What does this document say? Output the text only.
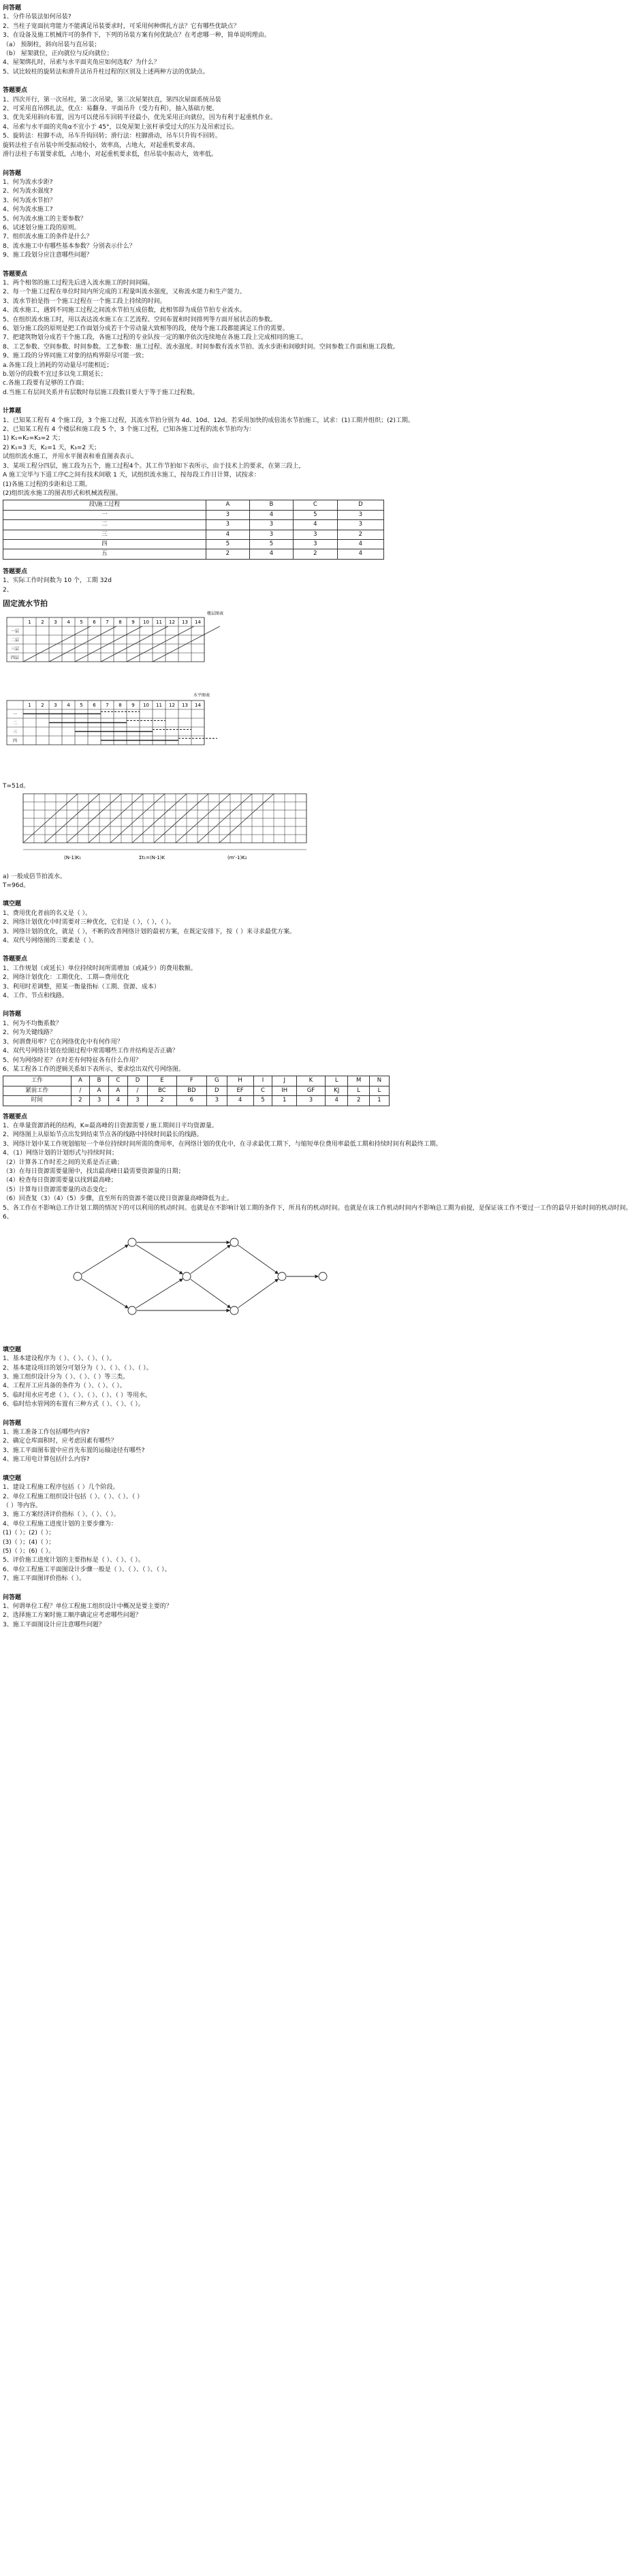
问答题
1、分件吊装法如何吊装?
2、当柱子宽面抗弯能力不能满足吊装要求时，可采用何种绑扎方法？它有哪些优缺点？
3、在设备及施工机械许可的条件下，下列的吊装方案有何优缺点？在考虑哪一种，简单说明理由。
（a） 预制柱，斜向吊装与直吊装；
（b） 屋架就位，正向就位与反向就位；
4、屋架绑扎时，吊索与水平面夹角应如何选取？为什么？
5、试比较柱的旋转法和滑升法吊升柱过程的区别及上述两种方法的优缺点。
答题要点
1、四次开行，第一次吊柱，第二次吊梁，第三次屋架扶直，第四次屋面系统吊装
2、可采用直吊绑扎法，优点：易翻身、平面吊升（受力有利），抽入基础方便。
3、优先采用斜向布置，因为可以使吊车回转半径最小，优先采用正向就位，因为有利于起重机作业。
4、吊索与水平面的夹角α不宜小于 45°，以免屋架上弦杆承受过大的压力及吊索过长。
5、旋转法：柱脚不动，吊车升钩回转；滑行法：柱脚滑动，吊车只升钩不回转。
旋转法柱子在吊装中所受振动较小，效率高，占地大，对起重机要求高。
滑行法柱子布置要求低，占地小，对起重机要求低，但吊装中振动大，效率低。
问答题
1、何为流水步距?
2、何为流水强度?
3、何为流水节拍？
4、何为流水施工?
5、何为流水施工的主要参数？
6、试述划分施工段的原则。
7、组织流水施工的条件是什么？
8、流水施工中有哪些基本参数？分别表示什么？
9、施工段划分应注意哪些问题？
答题要点
1、两个相邻的施工过程先后进入流水施工的时间间隔。
2、每一个施工过程在单位时间内所完成的工程量叫流水强度，又称流水能力和生产能力。
3、流水节拍是指一个施工过程在一个施工段上持续的时间。
4、流水施工，遇到不同施工过程之间流水节拍互成倍数，此相邻即为成倍节拍专业流水。
5、在组织流水施工时，用以表达流水施工在工艺流程、空间布置和时间排列等方面开展状态的参数。
6、划分施工段的原则是把工作面划分成若干个劳动量大致相等的段，使每个施工段都能满足工作的需要。
7、把建筑物划分成若干个施工段，各施工过程的专业队按一定的顺序依次连续地在各施工段上完成相同的施工。
8、工艺参数、空间参数、时间参数。工艺参数：施工过程、流水强度。时间参数有流水节拍、流水步距和间歇时间。空间参数工作面和施工段数。
9、施工段的分界同施工对象的结构界限尽可能一致；
a.各施工段上消耗的劳动量尽可能相近；
b.划分的段数不宜过多以免工期延长；
c.各施工段要有足够的工作面；
d.当施工有层间关系并有层数时每层施工段数目要大于等于施工过程数。
计算题
1、已知某工程有 4 个施工段，3 个施工过程，其流水节拍分别为 4d、10d、12d。若采用加快的成倍流水节拍施工，试求：(1)工期并组织；(2)工期。
2、已知某工程有 4 个楼层和施工段 5 个，3 个施工过程，已知各施工过程的流水节拍均为：
1) K₁=K₂=K₃=2 天；
2) K₁=3 天，K₂=1 天，K₃=2 天；
试组织流水施工，并用水平图表和垂直图表表示。
3、某项工程分四层，施工段为五个，施工过程4个。其工作节拍如下表所示，由于技术上的要求，在第三段上，
A 施工完毕与下道工序C之间有技术间歇 1 天，试组织流水施工，按每段工作日计算，试按求：
(1)各施工过程的步距和总工期。
(2)组织流水施工的图表形式和机械流程图。
段\施工过程	A	B	C	D
一	3	4	5	3
二	3	3	4	3
三	4	3	3	2
四	5	5	3	4
五	2	4	2	4
答题要点
1、实际工作时间数为 10 个，工期 32d
2、
固定流水节拍
楼层图表
1 2 3 4 5 6 7 8 9 10 11 12 13 14
一层
二层
三层
四层
水平图表
1 2 3 4 5 6 7 8 9 10 11 12 13 14
一
二
三
四
T=51d。
(N-1)K₁	Σt₁=(N-1)K	(m'-1)K₂
a) 一般成倍节拍流水。
T=96d。
填空题
1、费用优化者前的名义是（ ）。
2、网络计划优化中时需要对三种优化，它们是（ ），（ ），（ ）。
3、网络计划的优化，就是（ ），不断的改善网络计划的最初方案，在既定安排下，按（ ）来寻求最优方案。
4、双代号网络图的三要素是（ ）。
答题要点
1、工作规划（或延长）单位持续时间所需增加（或减少）的费用数额。
2、网络计划优化：工期优化、工期—费用优化
3、利用时差调整，照某一衡量指标（工期、资源、成本）
4、工作、节点和线路。
问答题
1、何为不均衡系数？
2、何为关键线路？
3、何谓费用率？它在网络优化中有何作用？
4、双代号网络计划在绘图过程中常需哪些工作并结构是否正确？
5、何为网络时差？在时差有何特征各有什么作用？
6、某工程各工作的逻辑关系如下表所示，要求绘出双代号网络图。
工作	A	B	C	D	E	F	G	H	I	J	K	L	M	N
紧前工作	/	A	A	/	BC	BD	D	EF	C	IH	GF	KJ	L	L
时间	2	3	4	3	2	6	3	4	5	1	3	4	2	1
答题要点
1、在单量资源消耗的结构，K=最高峰的日资源需要 / 施工期间日平均资源量。
2、网络图上从原始节点出发到结束节点各的线路中持续时间最长的线路。
3、网络计划中某工作规划缩短一个单位持续时间所需的费用率，在网络计划的优化中，在寻求最优工期下，与缩短单位费用率最低工期和持续时间有利最终工期。
4、（1）网络计划的计划形式与持续时间；
（2）计算各工作时差之间的关系是否正确；
（3）在每日资源需要量图中，找出最高峰日最需要资源量的日期；
（4）检查每日资源需要量以找到最高峰；
（5）计算每日资源需要量的动态变化；
（6）回查复（3）（4）（5）步骤，直至所有的资源不能以使日资源量高峰降低为止。
5、各工作在不影响总工作计划工期的情况下的可以利用的机动时间。也就是在不影响计划工期的条件下，所具有的机动时间。也就是在该工作机动时间内不影响总工期为前提，是保证该工作不要过一工作的最早开始时间的机动时间。
6、
填空题
1、基本建设程序为（ ）、（ ）、（ ）、（ ）。
2、基本建设项目的划分可划分为（ ）、（ ）、（ ）、（ ）。
3、施工组织设计分为（ ）、（ ）、（ ）等三类。
4、工程开工应具备的条件为（ ）、（ ）、（ ）。
5、临时用水应考虑（ ）、（ ）、（ ）、（ ）、（ ）等用水。
6、临时给水管网的布置有三种方式（ ）、（ ）、（ ）。
问答题
1、施工准备工作包括哪些内容?
2、确定仓库面积时，应考虑因素有哪些？
3、施工平面图布置中应首先布置的运输途径有哪些?
4、施工用电计算包括什么内容?
填空题
1、建设工程施工程序包括（ ）几个阶段。
2、单位工程施工组织设计包括（ ）、（ ）、（ ）、（ ）
（ ）等内容。
3、施工方案经济评价指标（ ）、（ ）、（ ）。
4、单位工程施工进度计划的主要步骤为：
(1)（ ）；(2)（ ）；
(3)（ ）；(4)（ ）；
(5)（ ）；(6)（ ）。
5、评价施工进度计划的主要指标是（ ）、（ ）、（ ）。
6、单位工程施工平面图设计步骤一般是（ ）、（ ）、（ ）、（ ）。
7、施工平面图评价指标（ ）。
问答题
1、何谓单位工程？单位工程施工组织设计中概况是要主要的？
2、选择施工方案时施工顺序确定应考虑哪些问题？
3、施工平面图设计应注意哪些问题？
